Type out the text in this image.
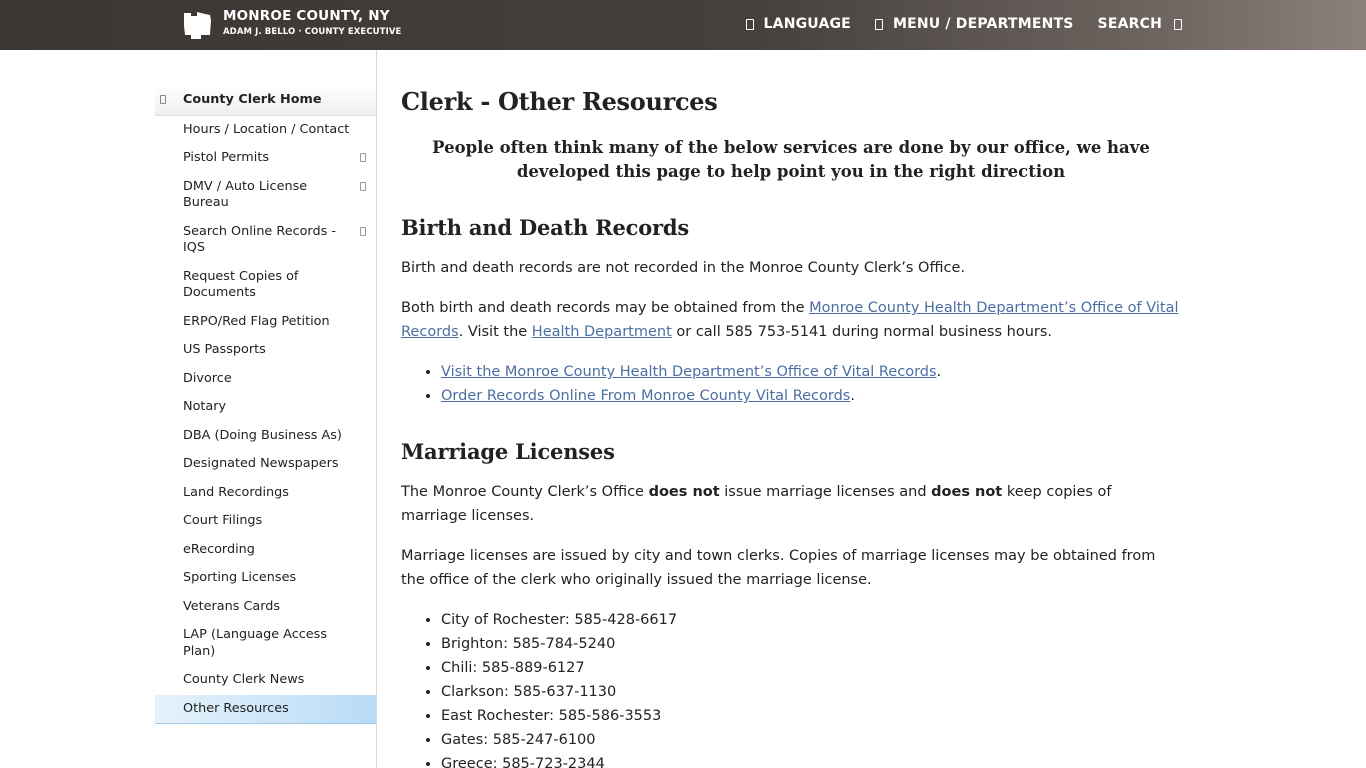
MONROE COUNTY, NY
ADAM J. BELLO · COUNTY EXECUTIVE	LANGUAGE	MENU / DEPARTMENTS SEARCH
County Clerk Home
Hours / Location / Contact
Pistol Permits
DMV / Auto License Bureau
Search Online Records - IQS
Request Copies of Documents
ERPO/Red Flag Petition
US Passports
Divorce
Notary
DBA (Doing Business As)
Designated Newspapers
Land Recordings
Court Filings
eRecording
Sporting Licenses
Veterans Cards
LAP (Language Access Plan)
County Clerk News
Other Resources
Clerk - Other Resources
People often think many of the below services are done by our office, we have developed this page to help point you in the right direction
Birth and Death Records

Birth and death records are not recorded in the Monroe County Clerk’s Office.

Both birth and death records may be obtained from the Monroe County Health Department’s Office of Vital Records. Visit the Health Department or call 585 753-5141 during normal business hours.

• Visit the Monroe County Health Department’s Office of Vital Records.
• Order Records Online From Monroe County Vital Records.
Marriage Licenses

The Monroe County Clerk’s Office does not issue marriage licenses and does not keep copies of marriage licenses.

Marriage licenses are issued by city and town clerks. Copies of marriage licenses may be obtained from the office of the clerk who originally issued the marriage license.

• City of Rochester: 585-428-6617
• Brighton: 585-784-5240
• Chili: 585-889-6127
• Clarkson: 585-637-1130
• East Rochester: 585-586-3553
• Gates: 585-247-6100
• Greece: 585-723-2344
